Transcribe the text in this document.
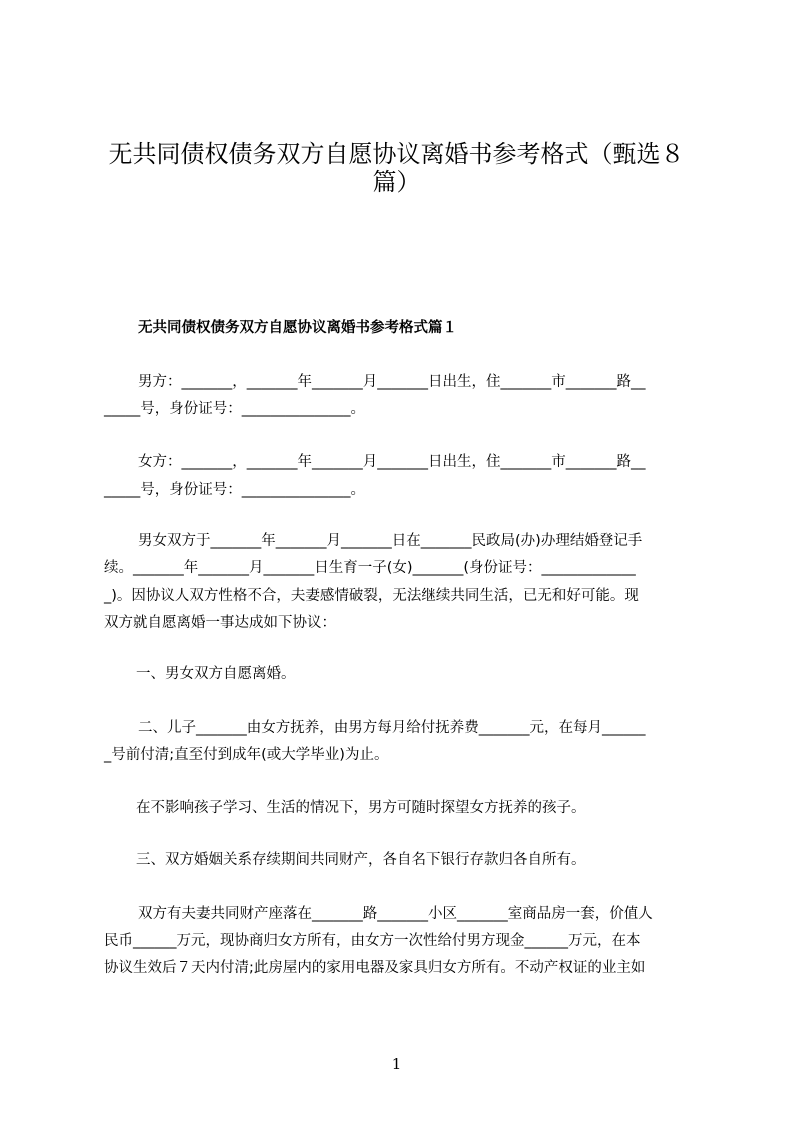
无共同债权债务双方自愿协议离婚书参考格式（甄选８
篇）
无共同债权债务双方自愿协议离婚书参考格式篇１
男方：_______，_______年_______月_______日出生，住_______市_______路__
_____号，身份证号：_______________。
女方：_______，_______年_______月_______日出生，住_______市_______路__
_____号，身份证号：_______________。
男女双方于_______年_______月_______日在_______民政局(办)办理结婚登记手
续。_______年_______月_______日生育一子(女)_______(身份证号：_____________
_)。因协议人双方性格不合，夫妻感情破裂，无法继续共同生活，已无和好可能。现
双方就自愿离婚一事达成如下协议：
一、男女双方自愿离婚。
二、儿子_______由女方抚养，由男方每月给付抚养费_______元，在每月______
_号前付清;直至付到成年(或大学毕业)为止。
在不影响孩子学习、生活的情况下，男方可随时探望女方抚养的孩子。
三、双方婚姻关系存续期间共同财产，各自名下银行存款归各自所有。
双方有夫妻共同财产座落在_______路_______小区_______室商品房一套，价值人
民币______万元，现协商归女方所有，由女方一次性给付男方现金______万元，在本
协议生效后７天内付清;此房屋内的家用电器及家具归女方所有。不动产权证的业主如
1
